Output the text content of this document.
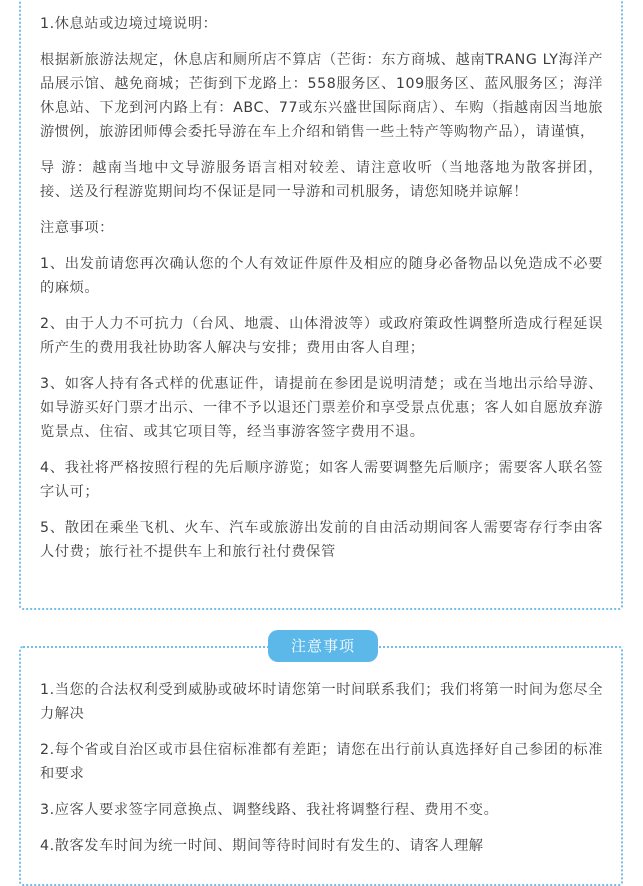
1.休息站或边境过境说明：

根据新旅游法规定，休息店和厕所店不算店（芒街：东方商城、越南TRANG LY海洋产品展示馆、越免商城；芒街到下龙路上：558服务区、109服务区、蓝风服务区；海洋休息站、下龙到河内路上有：ABC、77或东兴盛世国际商店）、车购（指越南因当地旅游惯例，旅游团师傅会委托导游在车上介绍和销售一些土特产等购物产品），请谨慎，

导 游：越南当地中文导游服务语言相对较差、请注意收听（当地落地为散客拼团，接、送及行程游览期间均不保证是同一导游和司机服务，请您知晓并谅解！

注意事项：

1、出发前请您再次确认您的个人有效证件原件及相应的随身必备物品以免造成不必要的麻烦。

2、由于人力不可抗力（台风、地震、山体滑波等）或政府策政性调整所造成行程延误所产生的费用我社协助客人解决与安排；费用由客人自理；

3、如客人持有各式样的优惠证件，请提前在参团是说明清楚；或在当地出示给导游、如导游买好门票才出示、一律不予以退还门票差价和享受景点优惠；客人如自愿放弃游览景点、住宿、或其它项目等，经当事游客签字费用不退。

4、我社将严格按照行程的先后顺序游览；如客人需要调整先后顺序；需要客人联名签字认可；

5、散团在乘坐飞机、火车、汽车或旅游出发前的自由活动期间客人需要寄存行李由客人付费；旅行社不提供车上和旅行社付费保管

1.当您的合法权利受到威胁或破坏时请您第一时间联系我们；我们将第一时间为您尽全力解决

2.每个省或自治区或市县住宿标准都有差距；请您在出行前认真选择好自己参团的标准和要求

3.应客人要求签字同意换点、调整线路、我社将调整行程、费用不变。

4.散客发车时间为统一时间、期间等待时间时有发生的、请客人理解

注意事项
